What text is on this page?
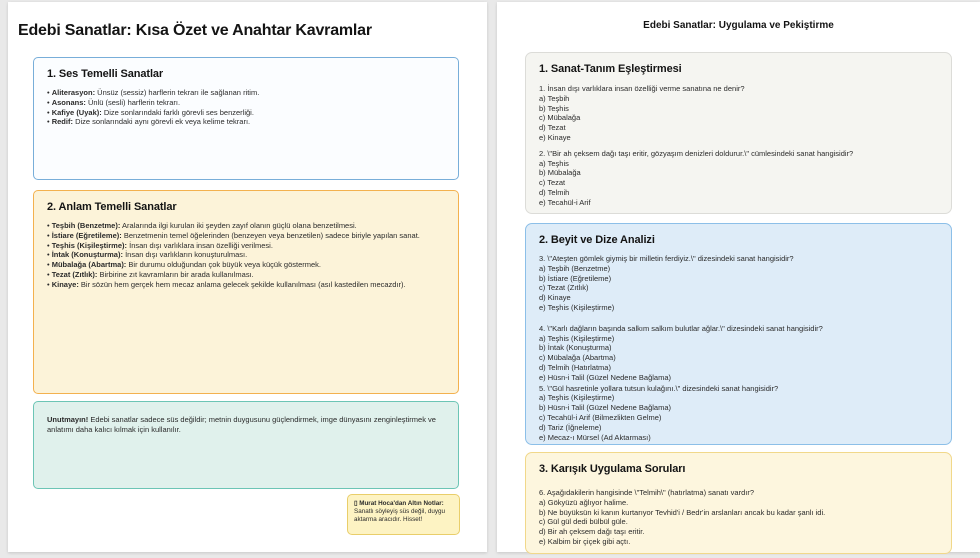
Edebi Sanatlar: Kısa Özet ve Anahtar Kavramlar
1. Ses Temelli Sanatlar
• Aliterasyon: Ünsüz (sessiz) harflerin tekrarı ile sağlanan ritim.
• Asonans: Ünlü (sesli) harflerin tekrarı.
• Kafiye (Uyak): Dize sonlarındaki farklı görevli ses benzerliği.
• Redif: Dize sonlarındaki aynı görevli ek veya kelime tekrarı.
2. Anlam Temelli Sanatlar
• Teşbih (Benzetme): Aralarında ilgi kurulan iki şeyden zayıf olanın güçlü olana benzetilmesi.
• İstiare (Eğretileme): Benzetmenin temel öğelerinden (benzeyen veya benzetilen) sadece biriyle yapılan sanat.
• Teşhis (Kişileştirme): İnsan dışı varlıklara insan özelliği verilmesi.
• İntak (Konuşturma): İnsan dışı varlıkların konuşturulması.
• Mübalağa (Abartma): Bir durumu olduğundan çok büyük veya küçük göstermek.
• Tezat (Zıtlık): Birbirine zıt kavramların bir arada kullanılması.
• Kinaye: Bir sözün hem gerçek hem mecaz anlama gelecek şekilde kullanılması (asıl kastedilen mecazdır).
Unutmayın! Edebi sanatlar sadece süs değildir; metnin duygusunu güçlendirmek, imge dünyasını zenginleştirmek ve anlatımı daha kalıcı kılmak için kullanılır.
▯ Murat Hoca'dan Altın Notlar:
Sanatlı söyleyiş süs değil, duygu aktarma aracıdır. Hisset!
Edebi Sanatlar: Uygulama ve Pekiştirme
1. Sanat-Tanım Eşleştirmesi
1. İnsan dışı varlıklara insan özelliği verme sanatına ne denir?
a) Teşbih
b) Teşhis
c) Mübalağa
d) Tezat
e) Kinaye
2. \"Bir ah çeksem dağı taşı eritir, gözyaşım denizleri doldurur.\" cümlesindeki sanat hangisidir?
a) Teşhis
b) Mübalağa
c) Tezat
d) Telmih
e) Tecahül-i Arif
2. Beyit ve Dize Analizi
3. \"Ateşten gömlek giymiş bir milletin ferdiyiz.\" dizesindeki sanat hangisidir?
a) Teşbih (Benzetme)
b) İstiare (Eğretileme)
c) Tezat (Zıtlık)
d) Kinaye
e) Teşhis (Kişileştirme)
4. \"Karlı dağların başında salkım salkım bulutlar ağlar.\" dizesindeki sanat hangisidir?
a) Teşhis (Kişileştirme)
b) İntak (Konuşturma)
c) Mübalağa (Abartma)
d) Telmih (Hatırlatma)
e) Hüsn-i Talil (Güzel Nedene Bağlama)
5. \"Gül hasretinle yollara tutsun kulağını.\" dizesindeki sanat hangisidir?
a) Teşhis (Kişileştirme)
b) Hüsn-i Talil (Güzel Nedene Bağlama)
c) Tecahül-i Arif (Bilmezlikten Gelme)
d) Tariz (İğneleme)
e) Mecaz-ı Mürsel (Ad Aktarması)
3. Karışık Uygulama Soruları
6. Aşağıdakilerin hangisinde \"Telmih\" (hatırlatma) sanatı vardır?
a) Gökyüzü ağlıyor halime.
b) Ne büyüksün ki kanın kurtarıyor Tevhid'i / Bedr'in arslanları ancak bu kadar şanlı idi.
c) Gül gül dedi bülbül güle.
d) Bir ah çeksem dağı taşı eritir.
e) Kalbim bir çiçek gibi açtı.
